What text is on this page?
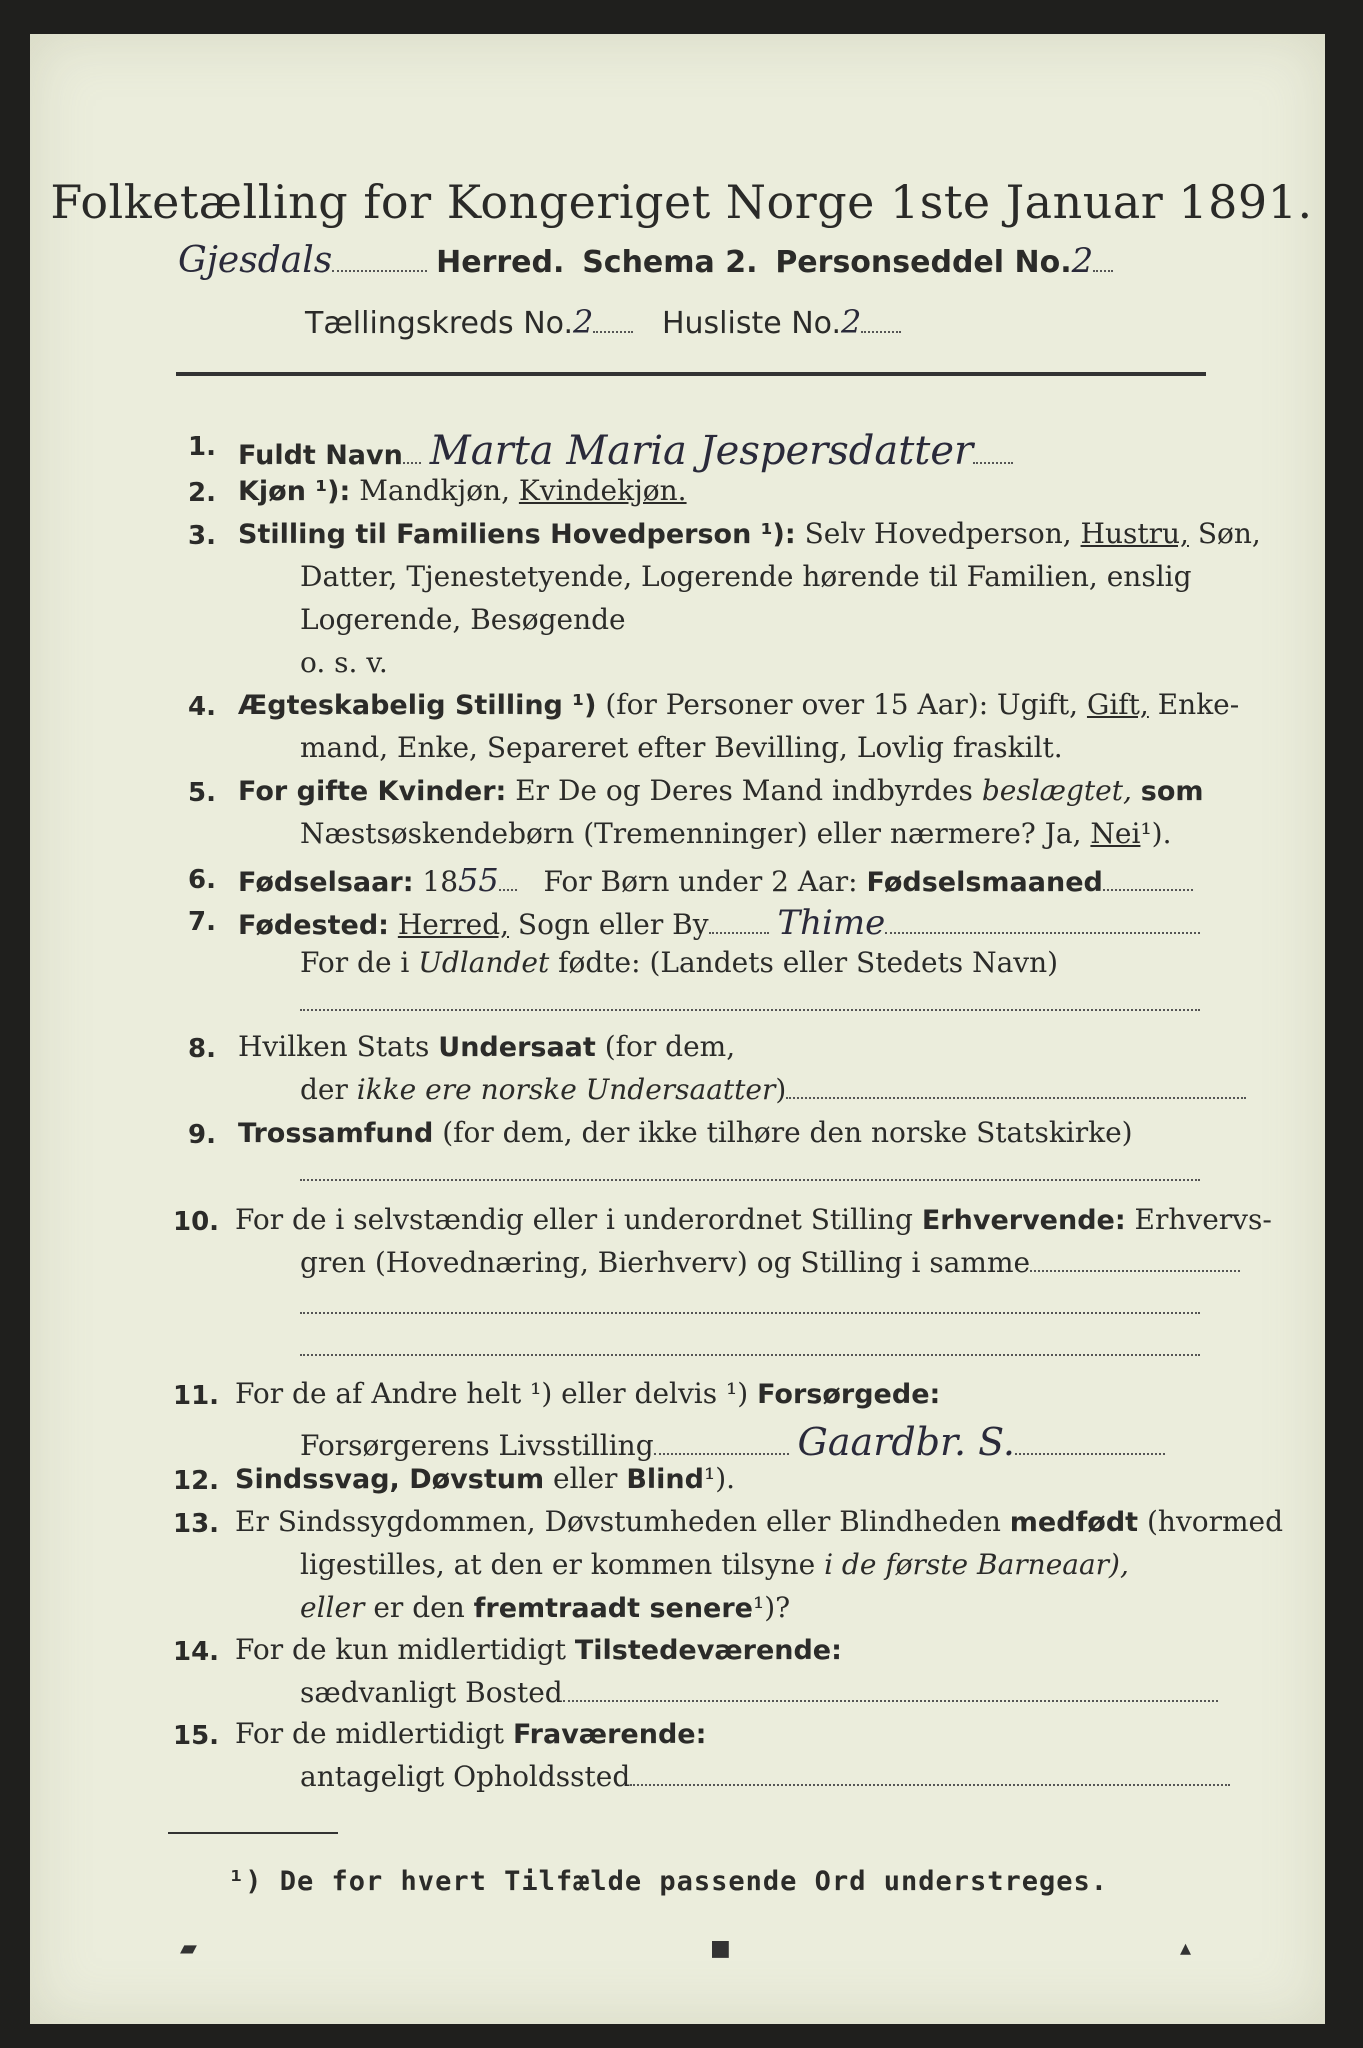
Folketælling for Kongeriget Norge 1ste Januar 1891.
Gjesdals	Herred. Schema 2. Personseddel No.2
Tællingskreds No.2 Husliste No.2
1. Fuldt Navn Marta Maria Jespersdatter
2. Kjøn ¹): Mandkjøn, Kvindekjøn.
3. Stilling til Familiens Hovedperson ¹): Selv Hovedperson, Hustru, Søn,
Datter, Tjenestetyende, Logerende hørende til Familien, enslig
Logerende, Besøgende
o. s. v.
4. Ægteskabelig Stilling ¹) (for Personer over 15 Aar): Ugift, Gift, Enke-
mand, Enke, Separeret efter Bevilling, Lovlig fraskilt.
5. For gifte Kvinder: Er De og Deres Mand indbyrdes beslægtet, som
Næstsøskendebørn (Tremenninger) eller nærmere? Ja, Nei¹).
6. Fødselsaar: 1855 For Børn under 2 Aar: Fødselsmaaned
7. Fødested: Herred, Sogn eller By Thime
For de i Udlandet fødte: (Landets eller Stedets Navn)
8. Hvilken Stats Undersaat (for dem,
der ikke ere norske Undersaatter)
9. Trossamfund (for dem, der ikke tilhøre den norske Statskirke)
10. For de i selvstændig eller i underordnet Stilling Erhvervende: Erhvervs-
gren (Hovednæring, Bierhverv) og Stilling i samme
11. For de af Andre helt ¹) eller delvis ¹) Forsørgede:
Forsørgerens Livsstilling	Gaardbr. S.
12. Sindssvag, Døvstum eller Blind¹).
13. Er Sindssygdommen, Døvstumheden eller Blindheden medfødt (hvormed
ligestilles, at den er kommen tilsyne i de første Barneaar),
eller er den fremtraadt senere¹)?
14. For de kun midlertidigt Tilstedeværende:
sædvanligt Bosted
15. For de midlertidigt Fraværende:
antageligt Opholdssted
¹) De for hvert Tilfælde passende Ord understreges.
▰	■	▴
